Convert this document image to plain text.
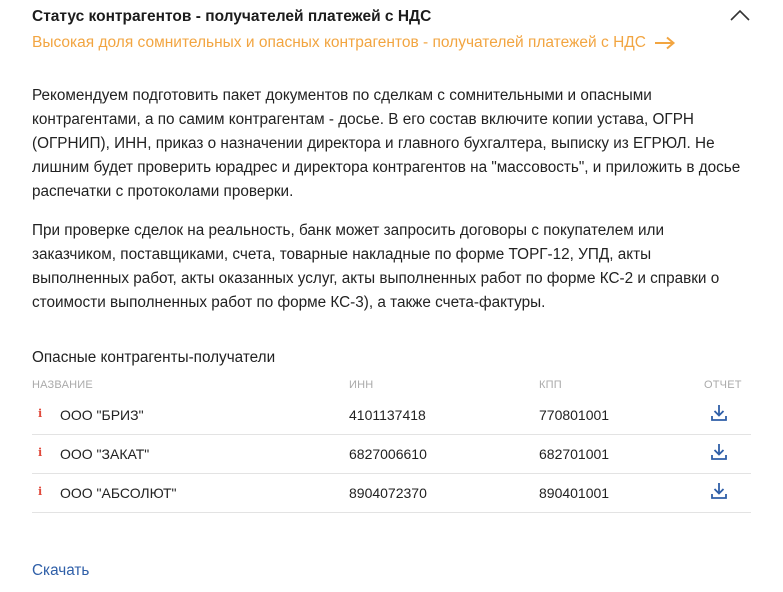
Статус контрагентов - получателей платежей с НДС
Высокая доля сомнительных и опасных контрагентов - получателей платежей с НДС

Рекомендуем подготовить пакет документов по сделкам с сомнительными и опасными контрагентами, а по самим контрагентам - досье. В его состав включите копии устава, ОГРН (ОГРНИП), ИНН, приказ о назначении директора и главного бухгалтера, выписку из ЕГРЮЛ. Не лишним будет проверить юрадрес и директора контрагентов на "массовость", и приложить в досье распечатки с протоколами проверки.

При проверке сделок на реальность, банк может запросить договоры с покупателем или заказчиком, поставщиками, счета, товарные накладные по форме ТОРГ-12, УПД, акты выполненных работ, акты оказанных услуг, акты выполненных работ по форме КС-2 и справки о стоимости выполненных работ по форме КС-3), а также счета-фактуры.

Опасные контрагенты-получатели
НАЗВАНИЕ	ИНН	КПП	ОТЧЕТ
i ООО "БРИЗ"	4101137418	770801001
i ООО "ЗАКАТ"	6827006610	682701001
i ООО "АБСОЛЮТ"	8904072370	890401001
Скачать
